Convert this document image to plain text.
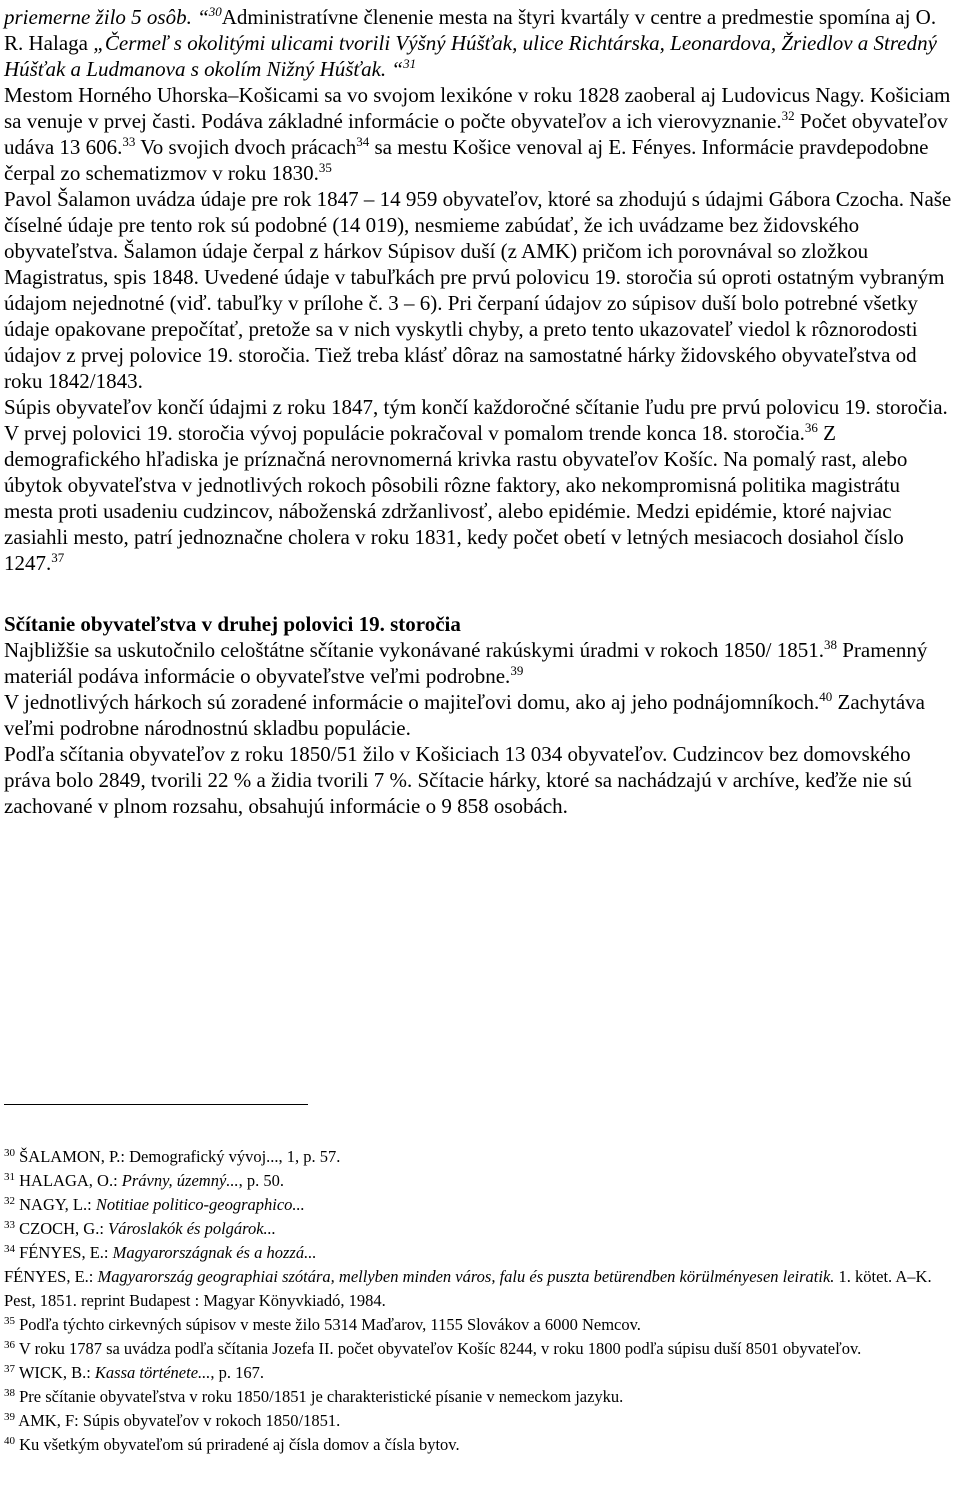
priemerne žilo 5 osôb. “$^{30}$Administratívne členenie mesta na štyri kvartály v centre a predmestie spomína aj O. R. Halaga „Čermeľ s okolitými ulicami tvorili Výšný Húšťak, ulice Richtárska, Leonardova, Žriedlov a Stredný Húšťak a Ludmanova s okolím Nižný Húšťak. “$^{31}$
Mestom Horného Uhorska–Košicami sa vo svojom lexikóne v roku 1828 zaoberal aj Ludovicus Nagy. Košiciam sa venuje v prvej časti. Podáva základné informácie o počte obyvateľov a ich vierovyznanie.$^{32}$ Počet obyvateľov udáva 13 606.33 Vo svojich dvoch prácach$^{34}$ sa mestu Košice venoval aj E. Fényes. Informácie pravdepodobne čerpal zo schematizmov v roku 1830.35
Pavol Šalamon uvádza údaje pre rok 1847 – 14 959 obyvateľov, ktoré sa zhodujú s údajmi Gábora Czocha. Naše číselné údaje pre tento rok sú podobné (14 019), nesmieme zabúdať, že ich uvádzame bez židovského obyvateľstva. Šalamon údaje čerpal z hárkov Súpisov duší (z AMK) pričom ich porovnával so zložkou Magistratus, spis 1848. Uvedené údaje v tabuľkách pre prvú polovicu 19. storočia sú oproti ostatným vybraným údajom nejednotné (viď. tabuľky v prílohe č. 3 – 6). Pri čerpaní údajov zo súpisov duší bolo potrebné všetky údaje opakovane prepočítať, pretože sa v nich vyskytli chyby, a preto tento ukazovateľ viedol k rôznorodosti údajov z prvej polovice 19. storočia. Tiež treba klásť dôraz na samostatné hárky židovského obyvateľstva od roku 1842/1843.
Súpis obyvateľov končí údajmi z roku 1847, tým končí každoročné sčítanie ľudu pre prvú polovicu 19. storočia. V prvej polovici 19. storočia vývoj populácie pokračoval v pomalom trende konca 18. storočia.$^{36}$ Z demografického hľadiska je príznačná nerovnomerná krivka rastu obyvateľov Košíc. Na pomalý rast, alebo úbytok obyvateľstva v jednotlivých rokoch pôsobili rôzne faktory, ako nekompromisná politika magistrátu mesta proti usadeniu cudzincov, náboženská zdržanlivosť, alebo epidémie. Medzi epidémie, ktoré najviac zasiahli mesto, patrí jednoznačne cholera v roku 1831, kedy počet obetí v letných mesiacoch dosiahol číslo 1247.37
Sčítanie obyvateľstva v druhej polovici 19. storočia
Najbližšie sa uskutočnilo celoštátne sčítanie vykonávané rakúskymi úradmi v rokoch 1850/ 1851.38 Pramenný materiál podáva informácie o obyvateľstve veľmi podrobne.$^{39}$
V jednotlivých hárkoch sú zoradené informácie o majiteľovi domu, ako aj jeho podnájomníkoch.$^{40}$ Zachytáva veľmi podrobne národnostnú skladbu populácie.
Podľa sčítania obyvateľov z roku 1850/51 žilo v Košiciach 13 034 obyvateľov. Cudzincov bez domovského práva bolo 2849, tvorili 22 % a židia tvorili 7 %. Sčítacie hárky, ktoré sa nachádzajú v archíve, keďže nie sú zachované v plnom rozsahu, obsahujú informácie o 9 858 osobách.
$^{30}$ ŠALAMON, P.: Demografický vývoj..., 1, p. 57.
$^{31}$ HALAGA, O.: Právny, územný..., p. 50.
$^{32}$ NAGY, L.: Notitiae politico-geographico...
$^{33}$ CZOCH, G.: Városlakók és polgárok...
$^{34}$ FÉNYES, E.: Magyarországnak és a hozzá...
FÉNYES, E.: Magyarország geographiai szótára, mellyben minden város, falu és puszta betürendben körülményesen leiratik. 1. kötet. A–K. Pest, 1851. reprint Budapest : Magyar Könyvkiadó, 1984.
$^{35}$ Podľa týchto cirkevných súpisov v meste žilo 5314 Maďarov, 1155 Slovákov a 6000 Nemcov.
$^{36}$ V roku 1787 sa uvádza podľa sčítania Jozefa II. počet obyvateľov Košíc 8244, v roku 1800 podľa súpisu duší 8501 obyvateľov.
$^{37}$ WICK, B.: Kassa története..., p. 167.
$^{38}$ Pre sčítanie obyvateľstva v roku 1850/1851 je charakteristické písanie v nemeckom jazyku.
$^{39}$ AMK, F: Súpis obyvateľov v rokoch 1850/1851.
$^{40}$ Ku všetkým obyvateľom sú priradené aj čísla domov a čísla bytov.
